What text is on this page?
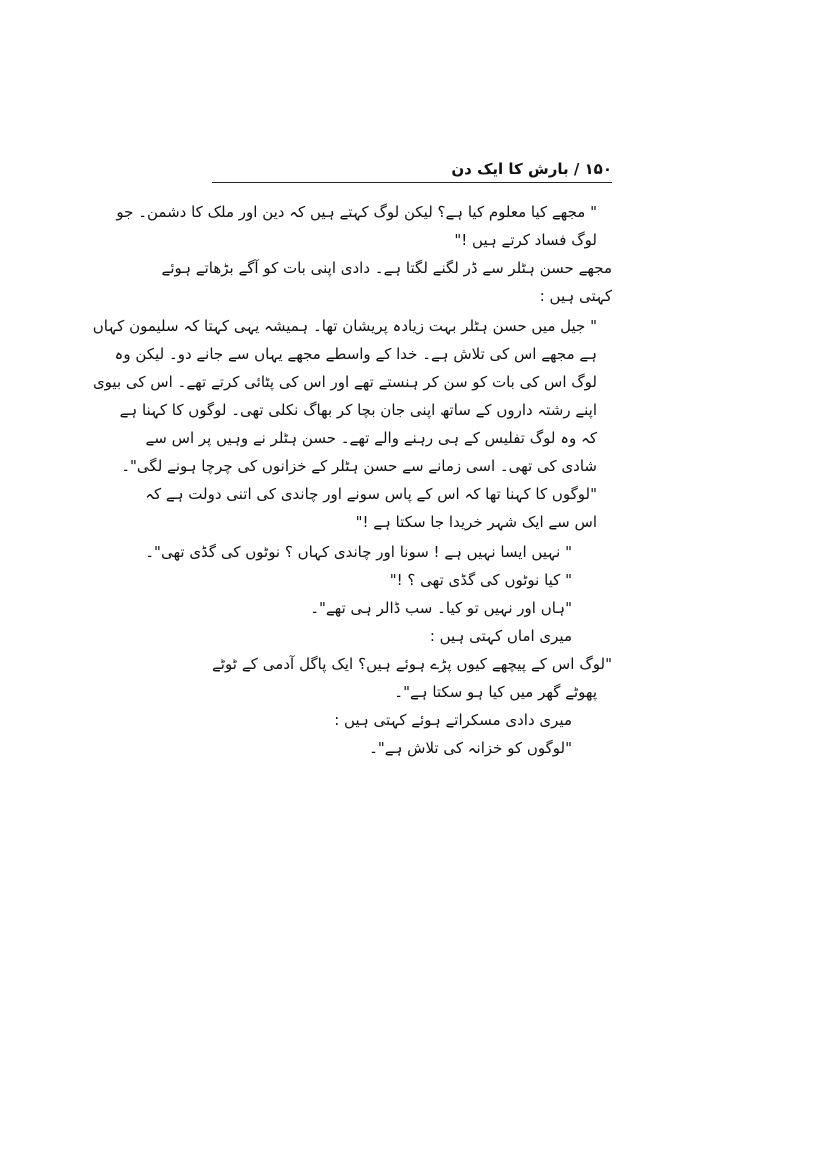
۱۵۰ / بارش کا ایک دن
" مجھے کیا معلوم کیا ہے؟ لیکن لوگ کہتے ہیں کہ دین اور ملک کا دشمن۔ جو
لوگ فساد کرتے ہیں !"
مجھے حسن ہٹلر سے ڈر لگنے لگتا ہے۔ دادی اپنی بات کو آگے بڑھاتے ہوئے
کہتی ہیں :
" جیل میں حسن ہٹلر بہت زیادہ پریشان تھا۔ ہمیشہ یہی کہتا کہ سلیمون کہاں
ہے مجھے اس کی تلاش ہے۔ خدا کے واسطے مجھے یہاں سے جانے دو۔ لیکن وہ
لوگ اس کی بات کو سن کر ہنستے تھے اور اس کی پٹائی کرتے تھے۔ اس کی بیوی
اپنے رشتہ داروں کے ساتھ اپنی جان بچا کر بھاگ نکلی تھی۔ لوگوں کا کہنا ہے
کہ وہ لوگ تفلیس کے ہی رہنے والے تھے۔ حسن ہٹلر نے وہیں پر اس سے
شادی کی تھی۔ اسی زمانے سے حسن ہٹلر کے خزانوں کی چرچا ہونے لگی"۔
"لوگوں کا کہنا تھا کہ اس کے پاس سونے اور چاندی کی اتنی دولت ہے کہ
اس سے ایک شہر خریدا جا سکتا ہے !"
" نہیں ایسا نہیں ہے ! سونا اور چاندی کہاں ؟ نوٹوں کی گڈی تھی"۔
" کیا نوٹوں کی گڈی تھی ؟ !"
"ہاں اور نہیں تو کیا۔ سب ڈالر ہی تھے"۔
میری اماں کہتی ہیں :
"لوگ اس کے پیچھے کیوں پڑے ہوئے ہیں؟ ایک پاگل آدمی کے ٹوٹے
پھوٹے گھر میں کیا ہو سکتا ہے"۔
میری دادی مسکراتے ہوئے کہتی ہیں :
"لوگوں کو خزانہ کی تلاش ہے"۔
